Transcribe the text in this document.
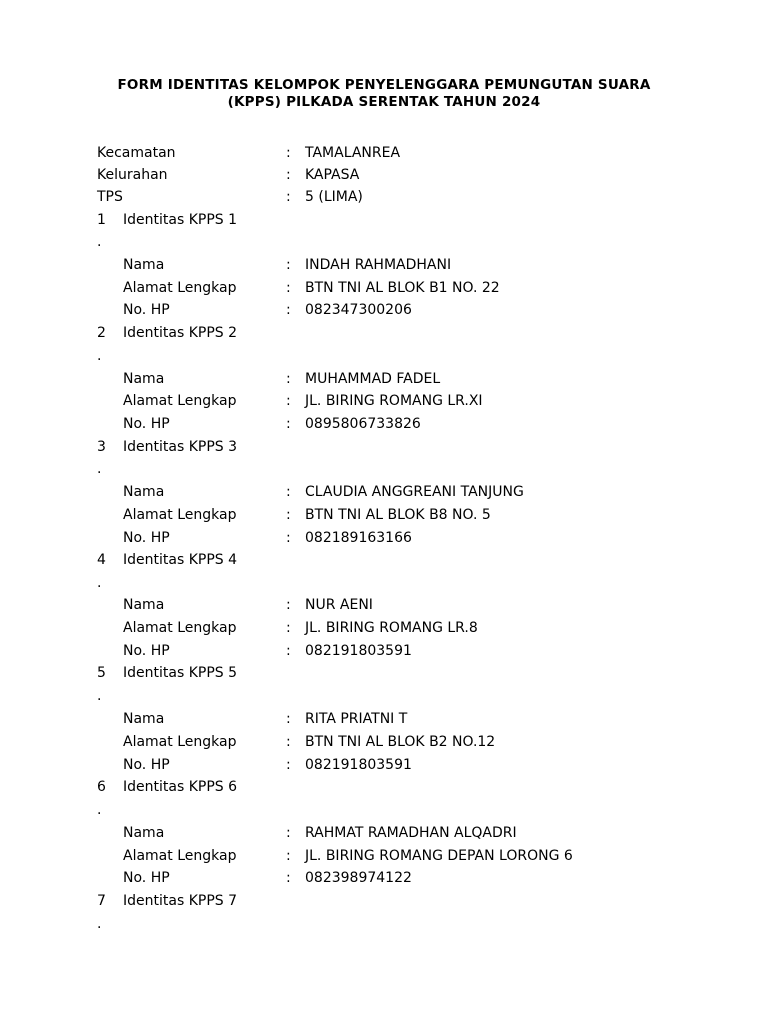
FORM IDENTITAS KELOMPOK PENYELENGGARA PEMUNGUTAN SUARA
(KPPS) PILKADA SERENTAK TAHUN 2024
Kecamatan	: TAMALANREA
Kelurahan	: KAPASA
TPS	: 5 (LIMA)
1 Identitas KPPS 1
.
Nama	: INDAH RAHMADHANI
Alamat Lengkap	: BTN TNI AL BLOK B1 NO. 22
No. HP	: 082347300206
2 Identitas KPPS 2
.
Nama	: MUHAMMAD FADEL
Alamat Lengkap	: JL. BIRING ROMANG LR.XI
No. HP	: 0895806733826
3 Identitas KPPS 3
.
Nama	: CLAUDIA ANGGREANI TANJUNG
Alamat Lengkap	: BTN TNI AL BLOK B8 NO. 5
No. HP	: 082189163166
4 Identitas KPPS 4
.
Nama	: NUR AENI
Alamat Lengkap	: JL. BIRING ROMANG LR.8
No. HP	: 082191803591
5 Identitas KPPS 5
.
Nama	: RITA PRIATNI T
Alamat Lengkap	: BTN TNI AL BLOK B2 NO.12
No. HP	: 082191803591
6 Identitas KPPS 6
.
Nama	: RAHMAT RAMADHAN ALQADRI
Alamat Lengkap	: JL. BIRING ROMANG DEPAN LORONG 6
No. HP	: 082398974122
7 Identitas KPPS 7
.
